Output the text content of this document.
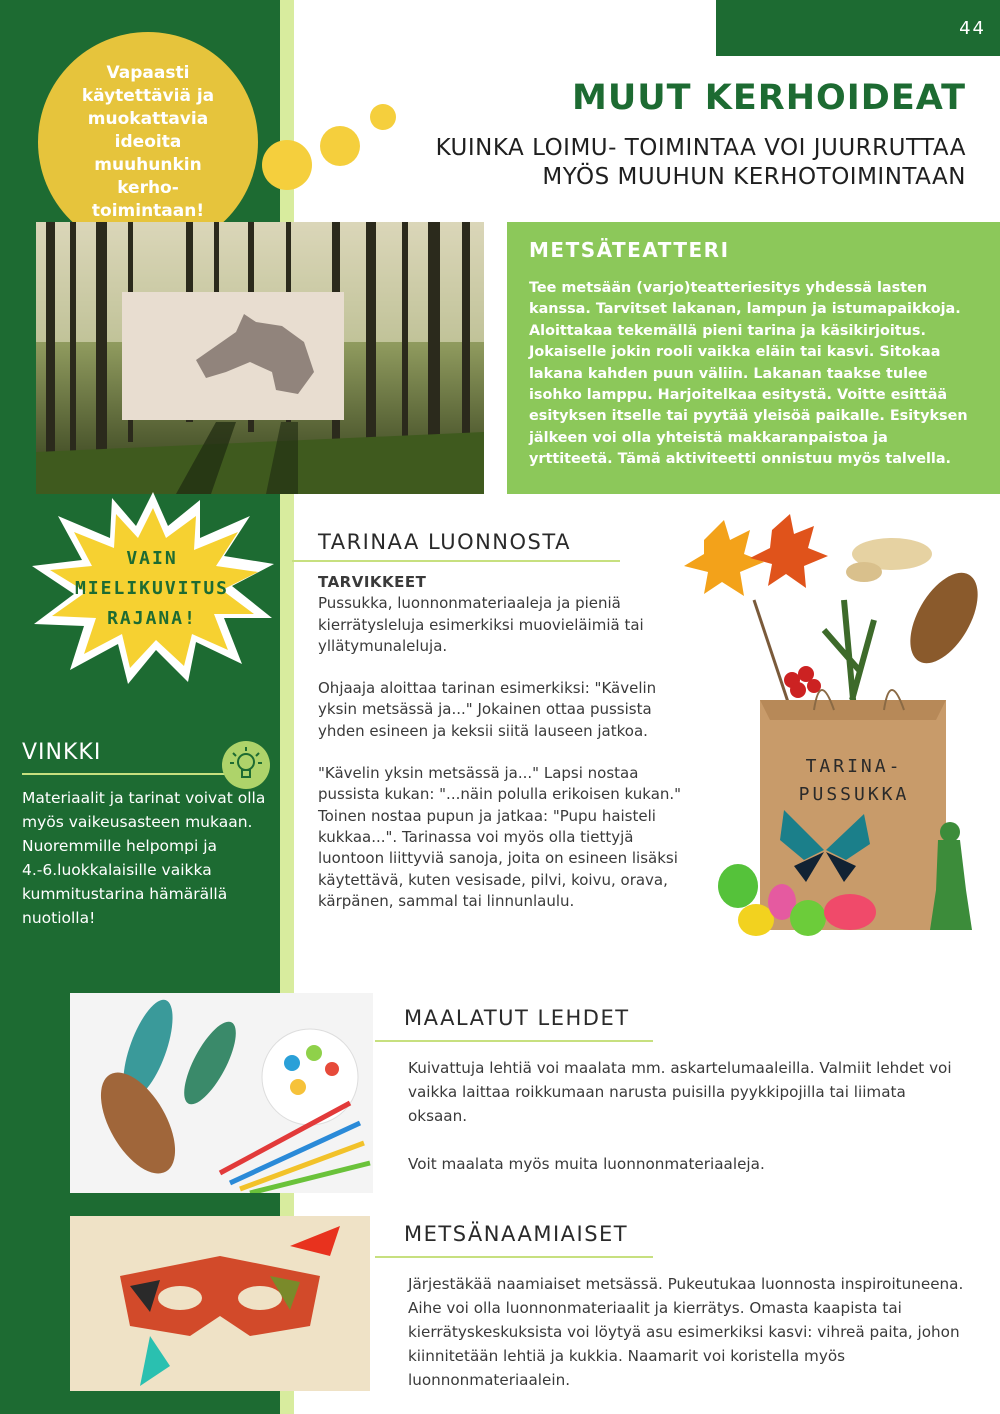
44
Vapaasti käytettäviä ja muokattavia ideoita muuhunkin kerho-toimintaan!
MUUT KERHOIDEAT
KUINKA LOIMU- TOIMINTAA VOI JUURRUTTAA MYÖS MUUHUN KERHOTOIMINTAAN
METSÄTEATTERI

Tee metsään (varjo)teatteriesitys yhdessä lasten kanssa. Tarvitset lakanan, lampun ja istumapaikkoja. Aloittakaa tekemällä pieni tarina ja käsikirjoitus. Jokaiselle jokin rooli vaikka eläin tai kasvi. Sitokaa lakana kahden puun väliin. Lakanan taakse tulee isohko lamppu. Harjoitelkaa esitystä. Voitte esittää esityksen itselle tai pyytää yleisöä paikalle. Esityksen jälkeen voi olla yhteistä makkaranpaistoa ja yrttiteetä. Tämä aktiviteetti onnistuu myös talvella.

VAIN
MIELIKUVITUS
RAJANA!
VINKKI
Materiaalit ja tarinat voivat olla myös vaikeusasteen mukaan. Nuoremmille helpompi ja 4.-6.luokkalaisille vaikka kummitustarina hämärällä nuotiolla!
TARINAA LUONNOSTA

TARVIKKEET

Pussukka, luonnonmateriaaleja ja pieniä kierrätysleluja esimerkiksi muovieläimiä tai yllätymunaleluja.

Ohjaaja aloittaa tarinan esimerkiksi: "Kävelin yksin metsässä ja..." Jokainen ottaa pussista yhden esineen ja keksii siitä lauseen jatkoa.

"Kävelin yksin metsässä ja..." Lapsi nostaa pussista kukan: "...näin polulla erikoisen kukan." Toinen nostaa pupun ja jatkaa: "Pupu haisteli kukkaa...". Tarinassa voi myös olla tiettyjä luontoon liittyviä sanoja, joita on esineen lisäksi käytettävä, kuten vesisade, pilvi, koivu, orava, kärpänen, sammal tai linnunlaulu.

TARINA-
PUSSUKKA
MAALATUT LEHDET

Kuivattuja lehtiä voi maalata mm. askartelumaaleilla. Valmiit lehdet voi vaikka laittaa roikkumaan narusta puisilla pyykkipojilla tai liimata oksaan.

Voit maalata myös muita luonnonmateriaaleja.

METSÄNAAMIAISET
Järjestäkää naamiaiset metsässä. Pukeutukaa luonnosta inspiroituneena. Aihe voi olla luonnonmateriaalit ja kierrätys. Omasta kaapista tai kierrätyskeskuksista voi löytyä asu esimerkiksi kasvi: vihreä paita, johon kiinnitetään lehtiä ja kukkia. Naamarit voi koristella myös luonnonmateriaalein.
